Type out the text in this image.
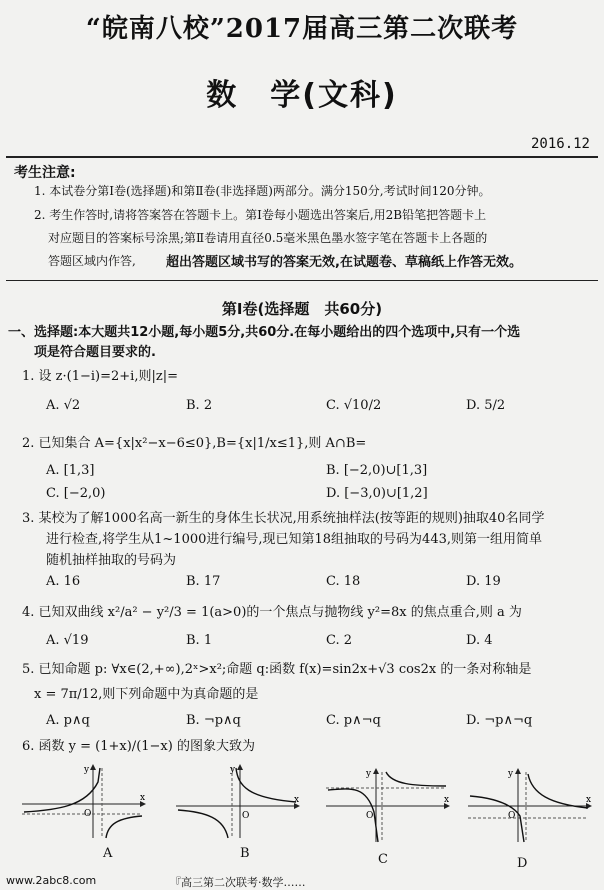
“皖南八校”2017届高三第二次联考
数　学(文科)
2016.12
考生注意:
1. 本试卷分第Ⅰ卷(选择题)和第Ⅱ卷(非选择题)两部分。满分150分,考试时间120分钟。
2. 考生作答时,请将答案答在答题卡上。第Ⅰ卷每小题选出答案后,用2B铅笔把答题卡上
对应题目的答案标号涂黑;第Ⅱ卷请用直径0.5毫米黑色墨水签字笔在答题卡上各题的
答题区域内作答, 超出答题区域书写的答案无效,在试题卷、草稿纸上作答无效。
第Ⅰ卷(选择题　共60分)
一、选择题:本大题共12小题,每小题5分,共60分.在每小题给出的四个选项中,只有一个选
项是符合题目要求的.
1. 设 z·(1−i)=2+i,则|z|=
A. √2	B. 2	C. √10/2	D. 5/2
2. 已知集合 A={x|x²−x−6≤0},B={x|1/x≤1},则 A∩B=
A. [1,3]	B. [−2,0)∪[1,3]
C. [−2,0)	D. [−3,0)∪[1,2]
3. 某校为了解1000名高一新生的身体生长状况,用系统抽样法(按等距的规则)抽取40名同学
进行检查,将学生从1~1000进行编号,现已知第18组抽取的号码为443,则第一组用简单
随机抽样抽取的号码为
A. 16	B. 17	C. 18	D. 19
4. 已知双曲线 x²/a² − y²/3 = 1(a>0)的一个焦点与抛物线 y²=8x 的焦点重合,则 a 为
A. √19	B. 1	C. 2	D. 4
5. 已知命题 p: ∀x∈(2,+∞),2ˣ>x²;命题 q:函数 f(x)=sin2x+√3 cos2x 的一条对称轴是
x = 7π/12,则下列命题中为真命题的是
A. p∧q	B. ¬p∧q	C. p∧¬q	D. ¬p∧¬q
6. 函数 y = (1+x)/(1−x) 的图象大致为
x
y
O
A
x
y
O
B
x
y
O
C
x
y
O
D
www.2abc8.com	『高三第二次联考·数学……
